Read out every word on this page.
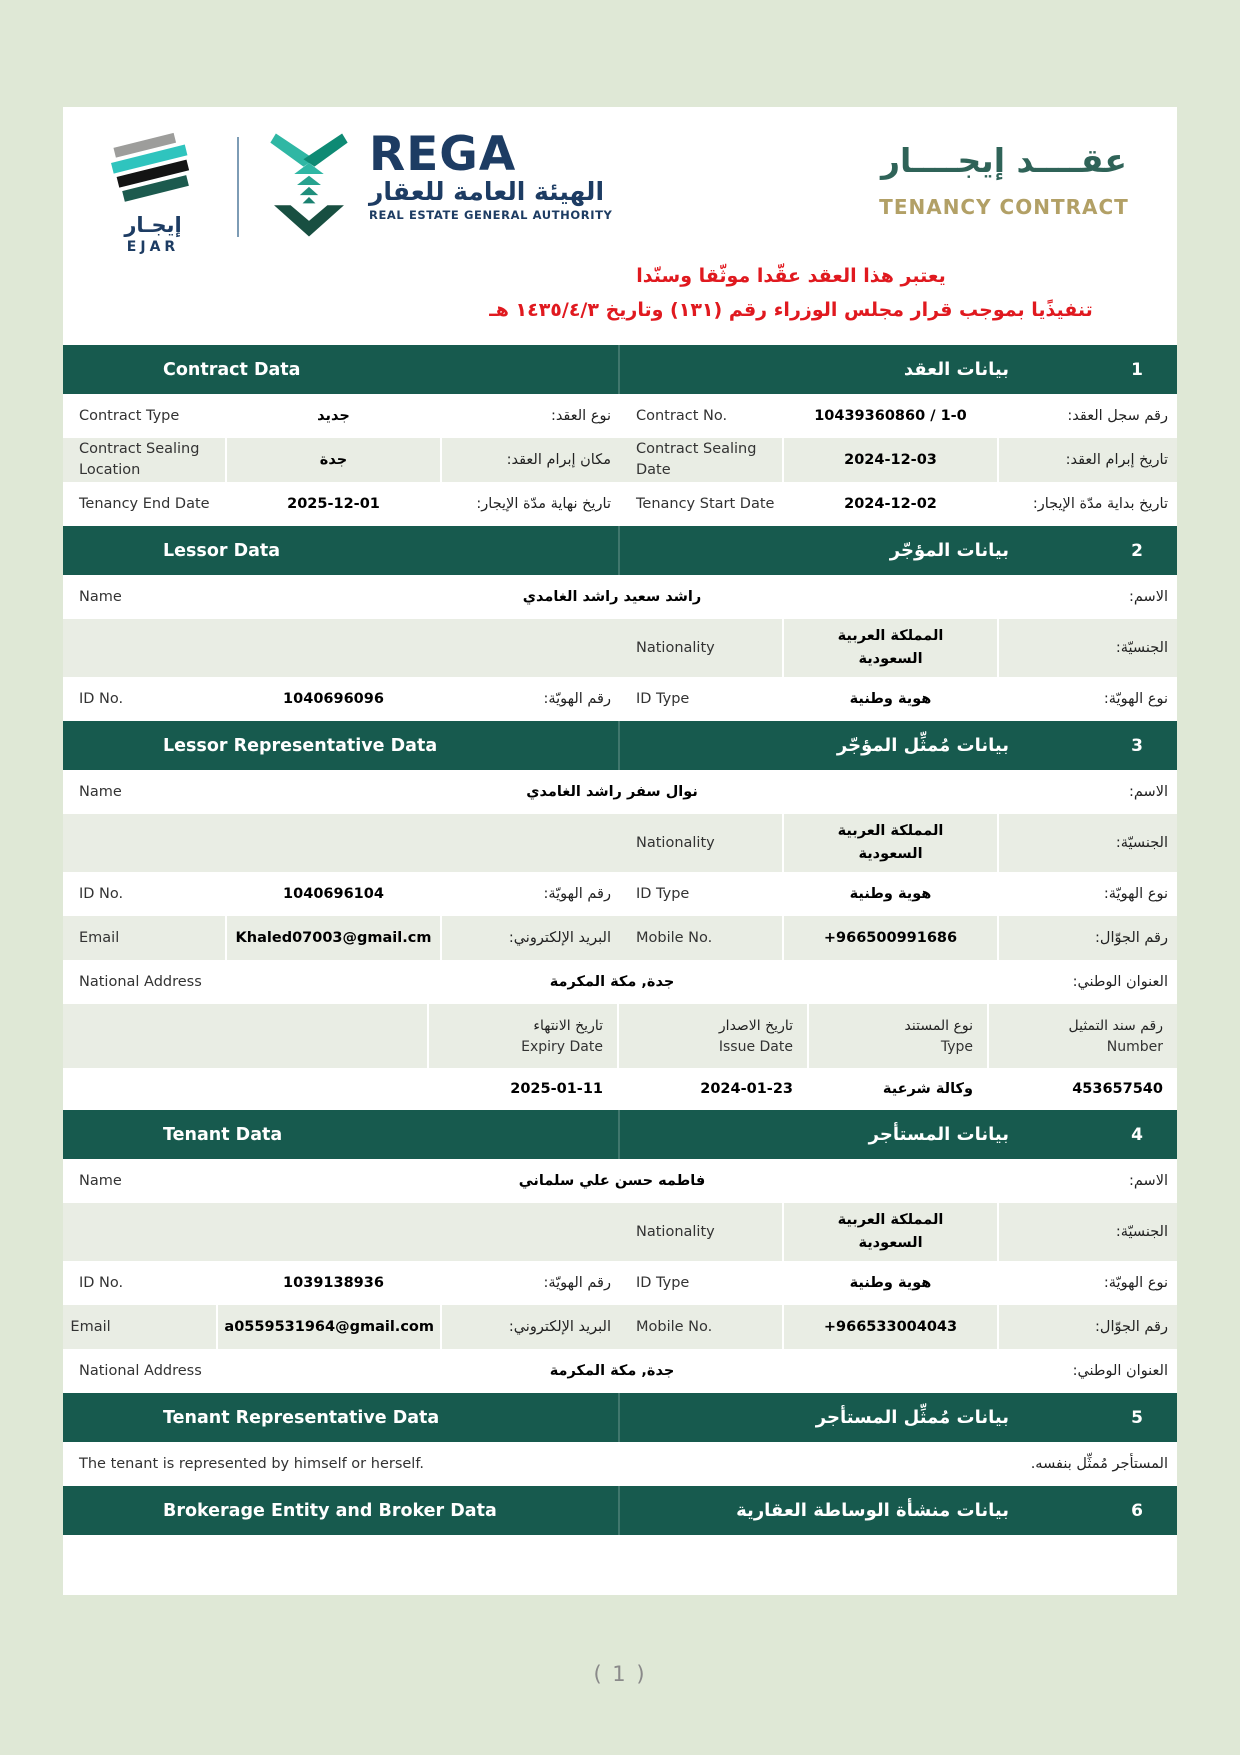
إيجـار
EJAR
REGA
الهيئة العامة للعقار
REAL ESTATE GENERAL AUTHORITY
عقــــد إيجــــار
TENANCY CONTRACT
يعتبر هذا العقد عقّدا موثّقا وسنّدا
تنفيذًيا بموجب قرار مجلس الوزراء رقم (١٣١) وتاريخ ١٤٣٥/٤/٣ هـ
1
بيانات العقد
Contract Data
رقم سجل العقد:
10439360860 / 1-0
Contract No.
نوع العقد:
جديد
Contract Type
تاريخ إبرام العقد:
2024-12-03
Contract Sealing Date
مكان إبرام العقد:
جدة
Contract Sealing Location
تاريخ بداية مدّة الإيجار:
2024-12-02
Tenancy Start Date
تاريخ نهاية مدّة الإيجار:
2025-12-01
Tenancy End Date
2
بيانات المؤجّر
Lessor Data
الاسم:
راشد سعيد راشد الغامدي
Name
الجنسيّة:
المملكة العربية السعودية
Nationality
نوع الهويّة:
هوية وطنية
ID Type
رقم الهويّة:
1040696096
ID No.
3
بيانات مُمثِّل المؤجّر
Lessor Representative Data
الاسم:
نوال سفر راشد الغامدي
Name
الجنسيّة:
المملكة العربية السعودية
Nationality
نوع الهويّة:
هوية وطنية
ID Type
رقم الهويّة:
1040696104
ID No.
رقم الجوّال:
+966500991686
Mobile No.
البريد الإلكتروني:
Khaled07003@gmail.cm
Email
العنوان الوطني:
جدة, مكة المكرمة
National Address
رقم سند التمثيل
Number
نوع المستند
Type
تاريخ الاصدار
Issue Date
تاريخ الانتهاء
Expiry Date
453657540
وكالة شرعية
2024-01-23
2025-01-11
4
بيانات المستأجر
Tenant Data
الاسم:
فاطمه حسن علي سلماني
Name
الجنسيّة:
المملكة العربية السعودية
Nationality
نوع الهويّة:
هوية وطنية
ID Type
رقم الهويّة:
1039138936
ID No.
رقم الجوّال:
+966533004043
Mobile No.
البريد الإلكتروني:
a0559531964@gmail.com
Email
العنوان الوطني:
جدة, مكة المكرمة
National Address
5
بيانات مُمثِّل المستأجر
Tenant Representative Data
المستأجر مُمثِّل بنفسه.
The tenant is represented by himself or herself.
6
بيانات منشأة الوساطة العقارية
Brokerage Entity and Broker Data
( 1 )
